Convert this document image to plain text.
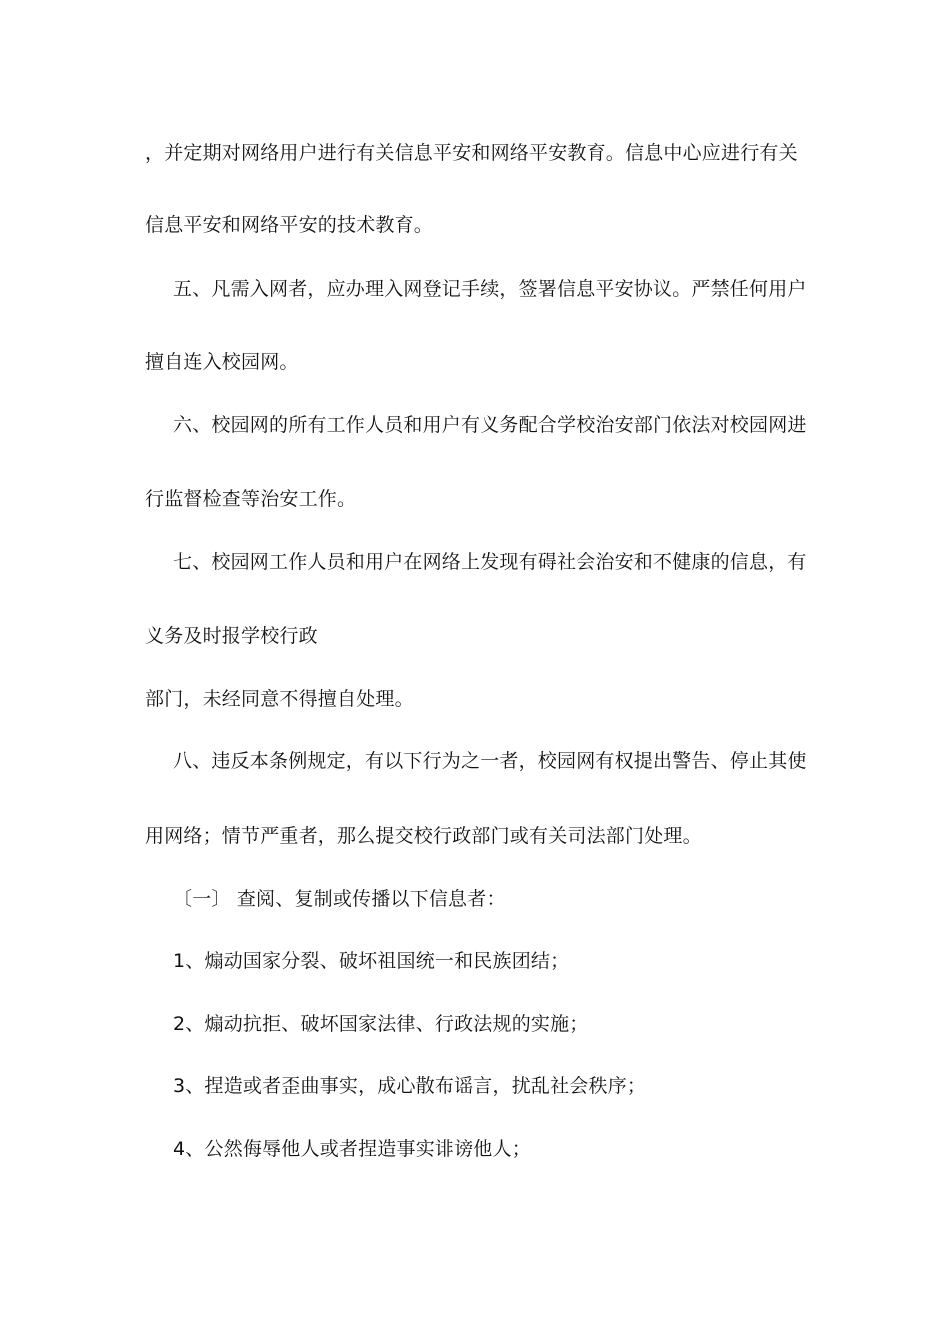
，并定期对网络用户进行有关信息平安和网络平安教育。信息中心应进行有关
信息平安和网络平安的技术教育。
五、凡需入网者，应办理入网登记手续，签署信息平安协议。严禁任何用户
擅自连入校园网。
六、校园网的所有工作人员和用户有义务配合学校治安部门依法对校园网进
行监督检查等治安工作。
七、校园网工作人员和用户在网络上发现有碍社会治安和不健康的信息，有
义务及时报学校行政
部门，未经同意不得擅自处理。
八、违反本条例规定，有以下行为之一者，校园网有权提出警告、停止其使
用网络；情节严重者，那么提交校行政部门或有关司法部门处理。
〔一〕 查阅、复制或传播以下信息者：
1、煽动国家分裂、破坏祖国统一和民族团结；
2、煽动抗拒、破坏国家法律、行政法规的实施；
3、捏造或者歪曲事实，成心散布谣言，扰乱社会秩序；
4、公然侮辱他人或者捏造事实诽谤他人；
